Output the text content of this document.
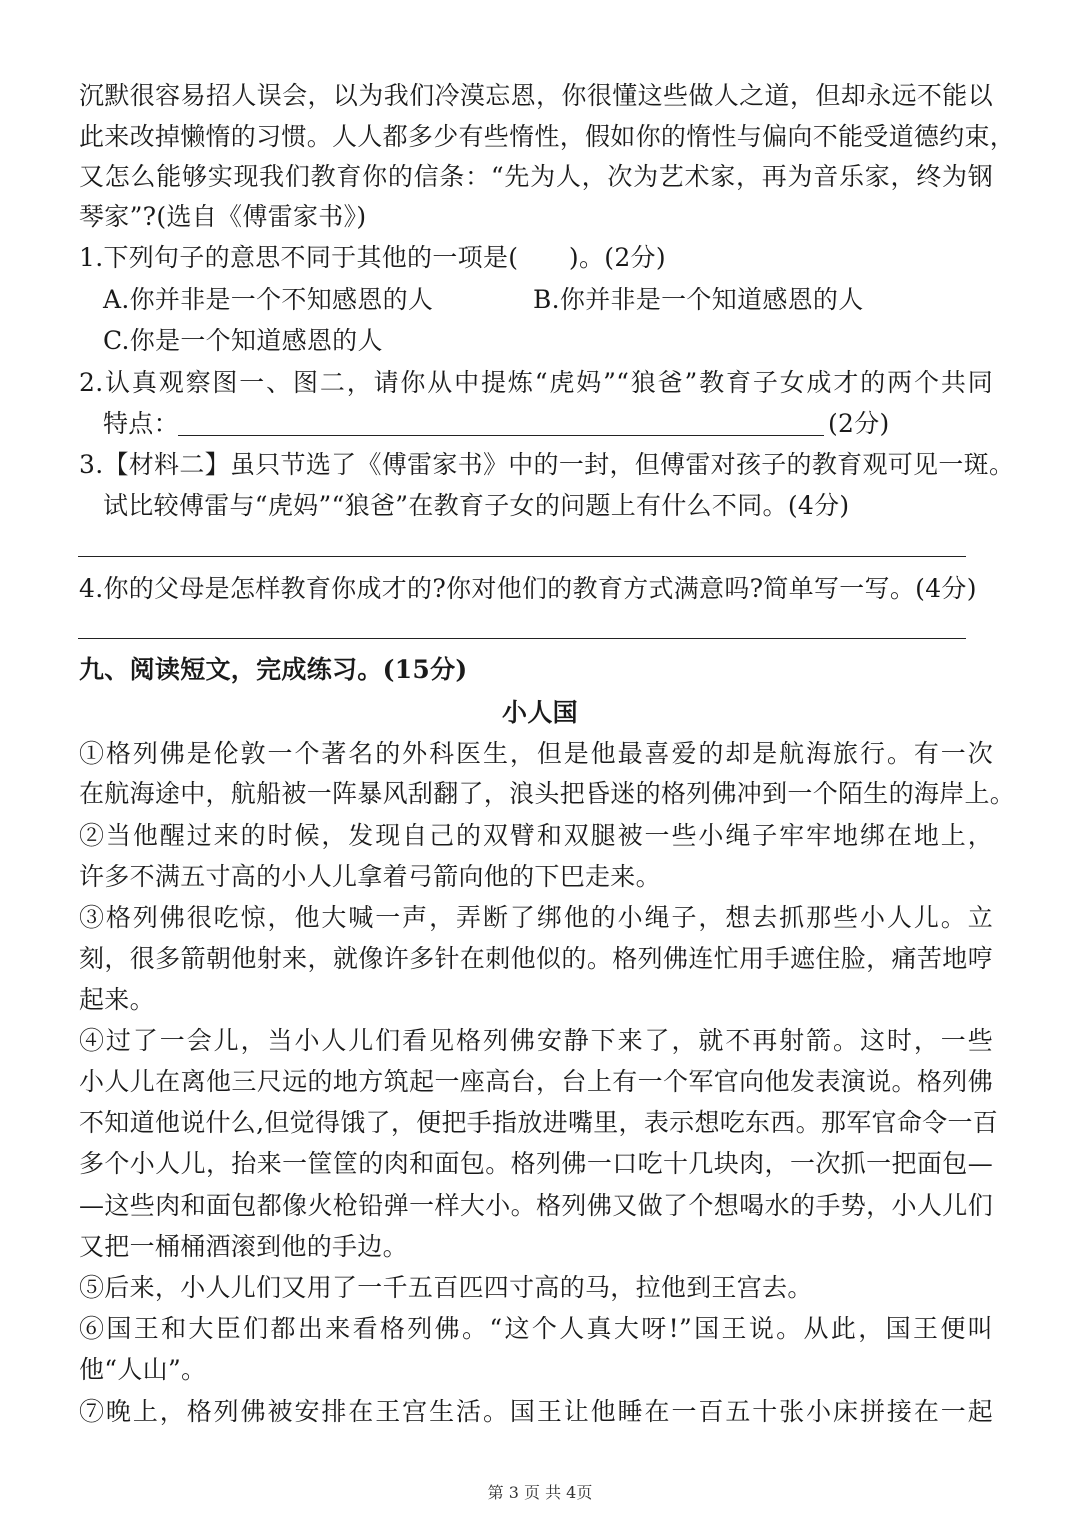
沉默很容易招人误会，以为我们冷漠忘恩，你很懂这些做人之道，但却永远不能以
此来改掉懒惰的习惯。人人都多少有些惰性，假如你的惰性与偏向不能受道德约束，
又怎么能够实现我们教育你的信条：“先为人，次为艺术家，再为音乐家，终为钢
琴家”?(选自《傅雷家书》)
1.下列句子的意思不同于其他的一项是(　　)。(2分)
A.你并非是一个不知感恩的人	B.你并非是一个知道感恩的人
C.你是一个知道感恩的人
2.认真观察图一、图二，请你从中提炼“虎妈”“狼爸”教育子女成才的两个共同
特点：	(2分)
3.【材料二】虽只节选了《傅雷家书》中的一封，但傅雷对孩子的教育观可见一斑。
试比较傅雷与“虎妈”“狼爸”在教育子女的问题上有什么不同。(4分)
4.你的父母是怎样教育你成才的?你对他们的教育方式满意吗?简单写一写。(4分)
九、阅读短文，完成练习。(15分)
小人国
①格列佛是伦敦一个著名的外科医生，但是他最喜爱的却是航海旅行。有一次
在航海途中，航船被一阵暴风刮翻了，浪头把昏迷的格列佛冲到一个陌生的海岸上。
②当他醒过来的时候，发现自己的双臂和双腿被一些小绳子牢牢地绑在地上，
许多不满五寸高的小人儿拿着弓箭向他的下巴走来。
③格列佛很吃惊，他大喊一声，弄断了绑他的小绳子，想去抓那些小人儿。立
刻，很多箭朝他射来，就像许多针在刺他似的。格列佛连忙用手遮住脸，痛苦地哼
起来。
④过了一会儿，当小人儿们看见格列佛安静下来了，就不再射箭。这时，一些
小人儿在离他三尺远的地方筑起一座高台，台上有一个军官向他发表演说。格列佛
不知道他说什么,但觉得饿了，便把手指放进嘴里，表示想吃东西。那军官命令一百
多个小人儿，抬来一筐筐的肉和面包。格列佛一口吃十几块肉，一次抓一把面包—
—这些肉和面包都像火枪铅弹一样大小。格列佛又做了个想喝水的手势，小人儿们
又把一桶桶酒滚到他的手边。
⑤后来，小人儿们又用了一千五百匹四寸高的马，拉他到王宫去。
⑥国王和大臣们都出来看格列佛。“这个人真大呀!”国王说。从此，国王便叫
他“人山”。
⑦晚上，格列佛被安排在王宫生活。国王让他睡在一百五十张小床拼接在一起
第 3 页 共 4页
